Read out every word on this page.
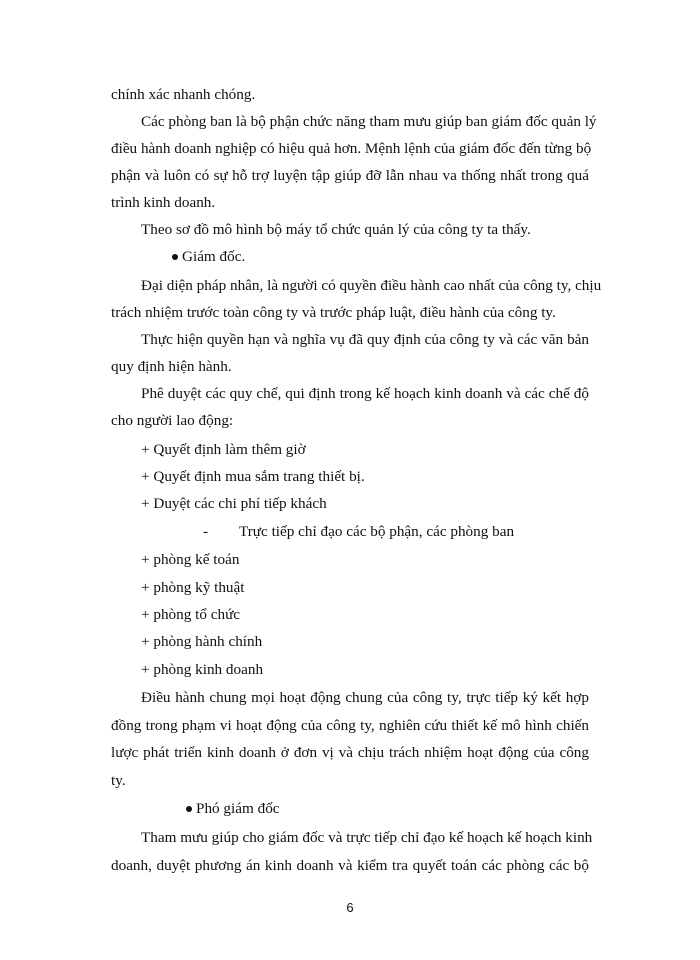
chính xác nhanh chóng.
Các phòng ban là bộ phận chức năng tham mưu giúp ban giám đốc quản lý
điều hành doanh nghiệp có hiệu quả hơn. Mệnh lệnh của giám đốc đến từng bộ
phận và luôn có sự hỗ trợ luyện tập giúp đỡ lẫn nhau va thống nhất trong quá
trình kinh doanh.
Theo sơ đồ mô hình bộ máy tổ chức quản lý của công ty ta thấy.
Giám đốc.
Đại diện pháp nhân, là người có quyền điều hành cao nhất của công ty, chịu
trách nhiệm trước toàn công ty và trước pháp luật, điều hành của công ty.
Thực hiện quyền hạn và nghĩa vụ đã quy định của công ty và các văn bản
quy định hiện hành.
Phê duyệt các quy chế, qui định trong kế hoạch kinh doanh và các chế độ
cho người lao động:
+ Quyết định làm thêm giờ
+ Quyết định mua sắm trang thiết bị.
+ Duyệt các chi phí tiếp khách
- Trực tiếp chỉ đạo các bộ phận, các phòng ban
+ phòng kế toán
+ phòng kỹ thuật
+ phòng tổ chức
+ phòng hành chính
+ phòng kinh doanh
Điều hành chung mọi hoạt động chung của công ty, trực tiếp ký kết hợp
đồng trong phạm vi hoạt động của công ty, nghiên cứu thiết kế mô hình chiến
lược phát triển kinh doanh ở đơn vị và chịu trách nhiệm hoạt động của công
ty.
Phó giám đốc
Tham mưu giúp cho giám đốc và trực tiếp chỉ đạo kế hoạch kế hoạch kinh
doanh, duyệt phương án kinh doanh và kiểm tra quyết toán các phòng các bộ
6
